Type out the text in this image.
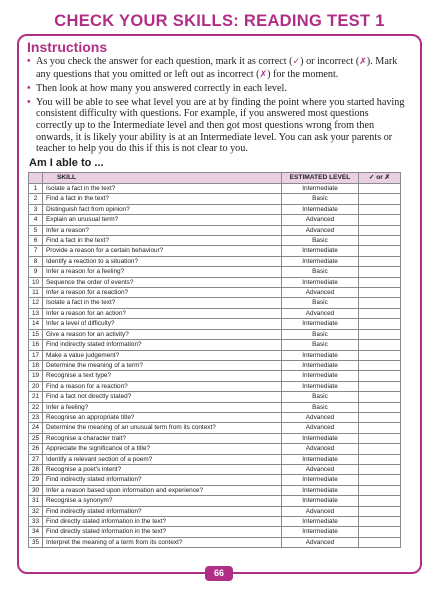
CHECK YOUR SKILLS: READING TEST 1
Instructions
• As you check the answer for each question, mark it as correct (✓) or incorrect (✗). Mark any questions that you omitted or left out as incorrect (✗) for the moment.
• Then look at how many you answered correctly in each level.
• You will be able to see what level you are at by finding the point where you started having consistent difficulty with questions. For example, if you answered most questions correctly up to the Intermediate level and then got most questions wrong from then onwards, it is likely your ability is at an Intermediate level. You can ask your parents or teacher to help you do this if this is not clear to you.
Am I able to ...
	SKILL	ESTIMATED LEVEL	✓ or ✗
1	Isolate a fact in the text?	Intermediate	
2	Find a fact in the text?	Basic	
3	Distinguish fact from opinion?	Intermediate	
4	Explain an unusual term?	Advanced	
5	Infer a reason?	Advanced	
6	Find a fact in the text?	Basic	
7	Provide a reason for a certain behaviour?	Intermediate	
8	Identify a reaction to a situation?	Intermediate	
9	Infer a reason for a feeling?	Basic	
10	Sequence the order of events?	Intermediate	
11	Infer a reason for a reaction?	Advanced	
12	Isolate a fact in the text?	Basic	
13	Infer a reason for an action?	Advanced	
14	Infer a level of difficulty?	Intermediate	
15	Give a reason for an activity?	Basic	
16	Find indirectly stated information?	Basic	
17	Make a value judgement?	Intermediate	
18	Determine the meaning of a term?	Intermediate	
19	Recognise a text type?	Intermediate	
20	Find a reason for a reaction?	Intermediate	
21	Find a fact not directly stated?	Basic	
22	Infer a feeling?	Basic	
23	Recognise an appropriate title?	Advanced	
24	Determine the meaning of an unusual term from its context?	Advanced	
25	Recognise a character trait?	Intermediate	
26	Appreciate the significance of a title?	Advanced	
27	Identify a relevant section of a poem?	Intermediate	
28	Recognise a poet's intent?	Advanced	
29	Find indirectly stated information?	Intermediate	
30	Infer a reason based upon information and experience?	Intermediate	
31	Recognise a synonym?	Intermediate	
32	Find indirectly stated information?	Advanced	
33	Find directly stated information in the text?	Intermediate	
34	Find directly stated information in the text?	Intermediate	
35	Interpret the meaning of a term from its context?	Advanced	
66
